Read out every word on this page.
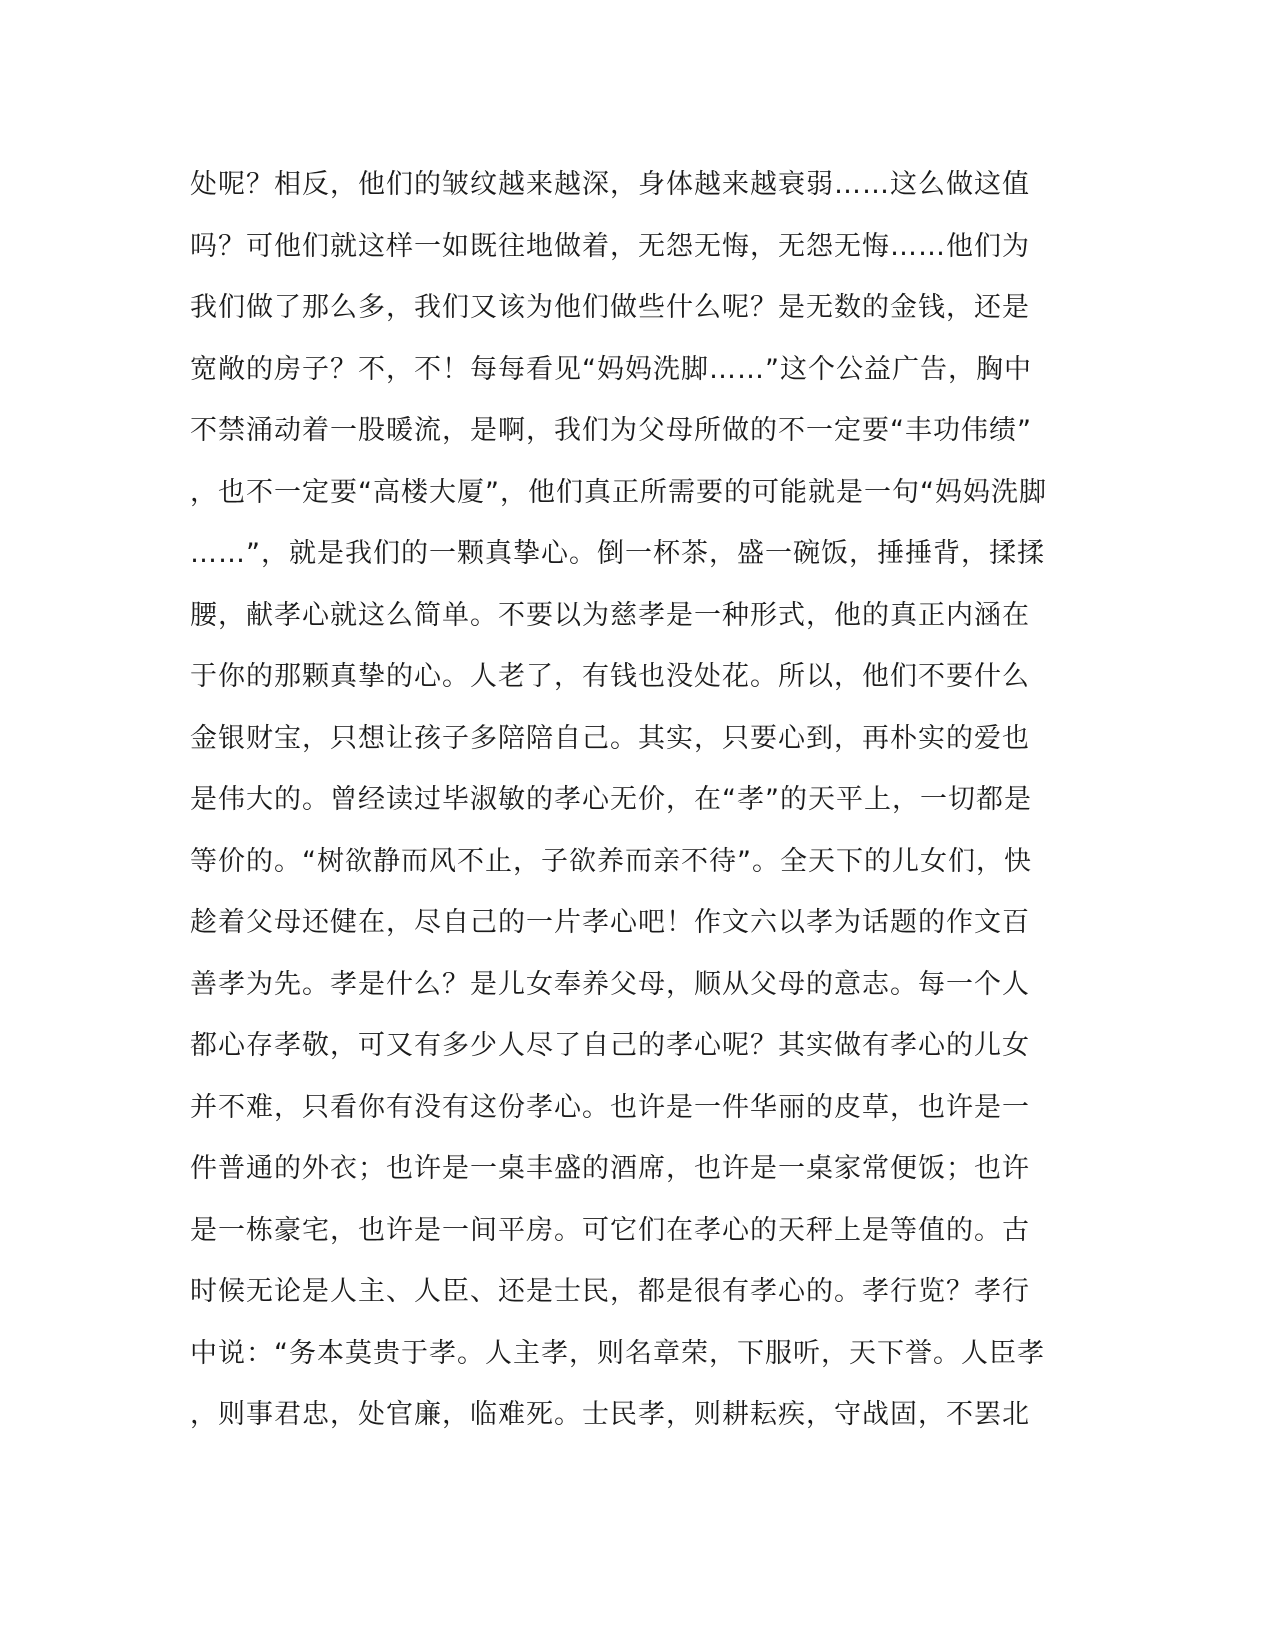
处呢？相反，他们的皱纹越来越深，身体越来越衰弱……这么做这值
吗？可他们就这样一如既往地做着，无怨无悔，无怨无悔……他们为
我们做了那么多，我们又该为他们做些什么呢？是无数的金钱，还是
宽敞的房子？不，不！每每看见“妈妈洗脚……”这个公益广告，胸中
不禁涌动着一股暖流，是啊，我们为父母所做的不一定要“丰功伟绩”
，也不一定要“高楼大厦”，他们真正所需要的可能就是一句“妈妈洗脚
……”，就是我们的一颗真挚心。倒一杯茶，盛一碗饭，捶捶背，揉揉
腰，献孝心就这么简单。不要以为慈孝是一种形式，他的真正内涵在
于你的那颗真挚的心。人老了，有钱也没处花。所以，他们不要什么
金银财宝，只想让孩子多陪陪自己。其实，只要心到，再朴实的爱也
是伟大的。曾经读过毕淑敏的孝心无价，在“孝”的天平上，一切都是
等价的。“树欲静而风不止，子欲养而亲不待”。全天下的儿女们，快
趁着父母还健在，尽自己的一片孝心吧！作文六以孝为话题的作文百
善孝为先。孝是什么？是儿女奉养父母，顺从父母的意志。每一个人
都心存孝敬，可又有多少人尽了自己的孝心呢？其实做有孝心的儿女
并不难，只看你有没有这份孝心。也许是一件华丽的皮草，也许是一
件普通的外衣；也许是一桌丰盛的酒席，也许是一桌家常便饭；也许
是一栋豪宅，也许是一间平房。可它们在孝心的天秤上是等值的。古
时候无论是人主、人臣、还是士民，都是很有孝心的。孝行览？孝行
中说：“务本莫贵于孝。人主孝，则名章荣，下服听，天下誉。人臣孝
，则事君忠，处官廉，临难死。士民孝，则耕耘疾，守战固，不罢北
